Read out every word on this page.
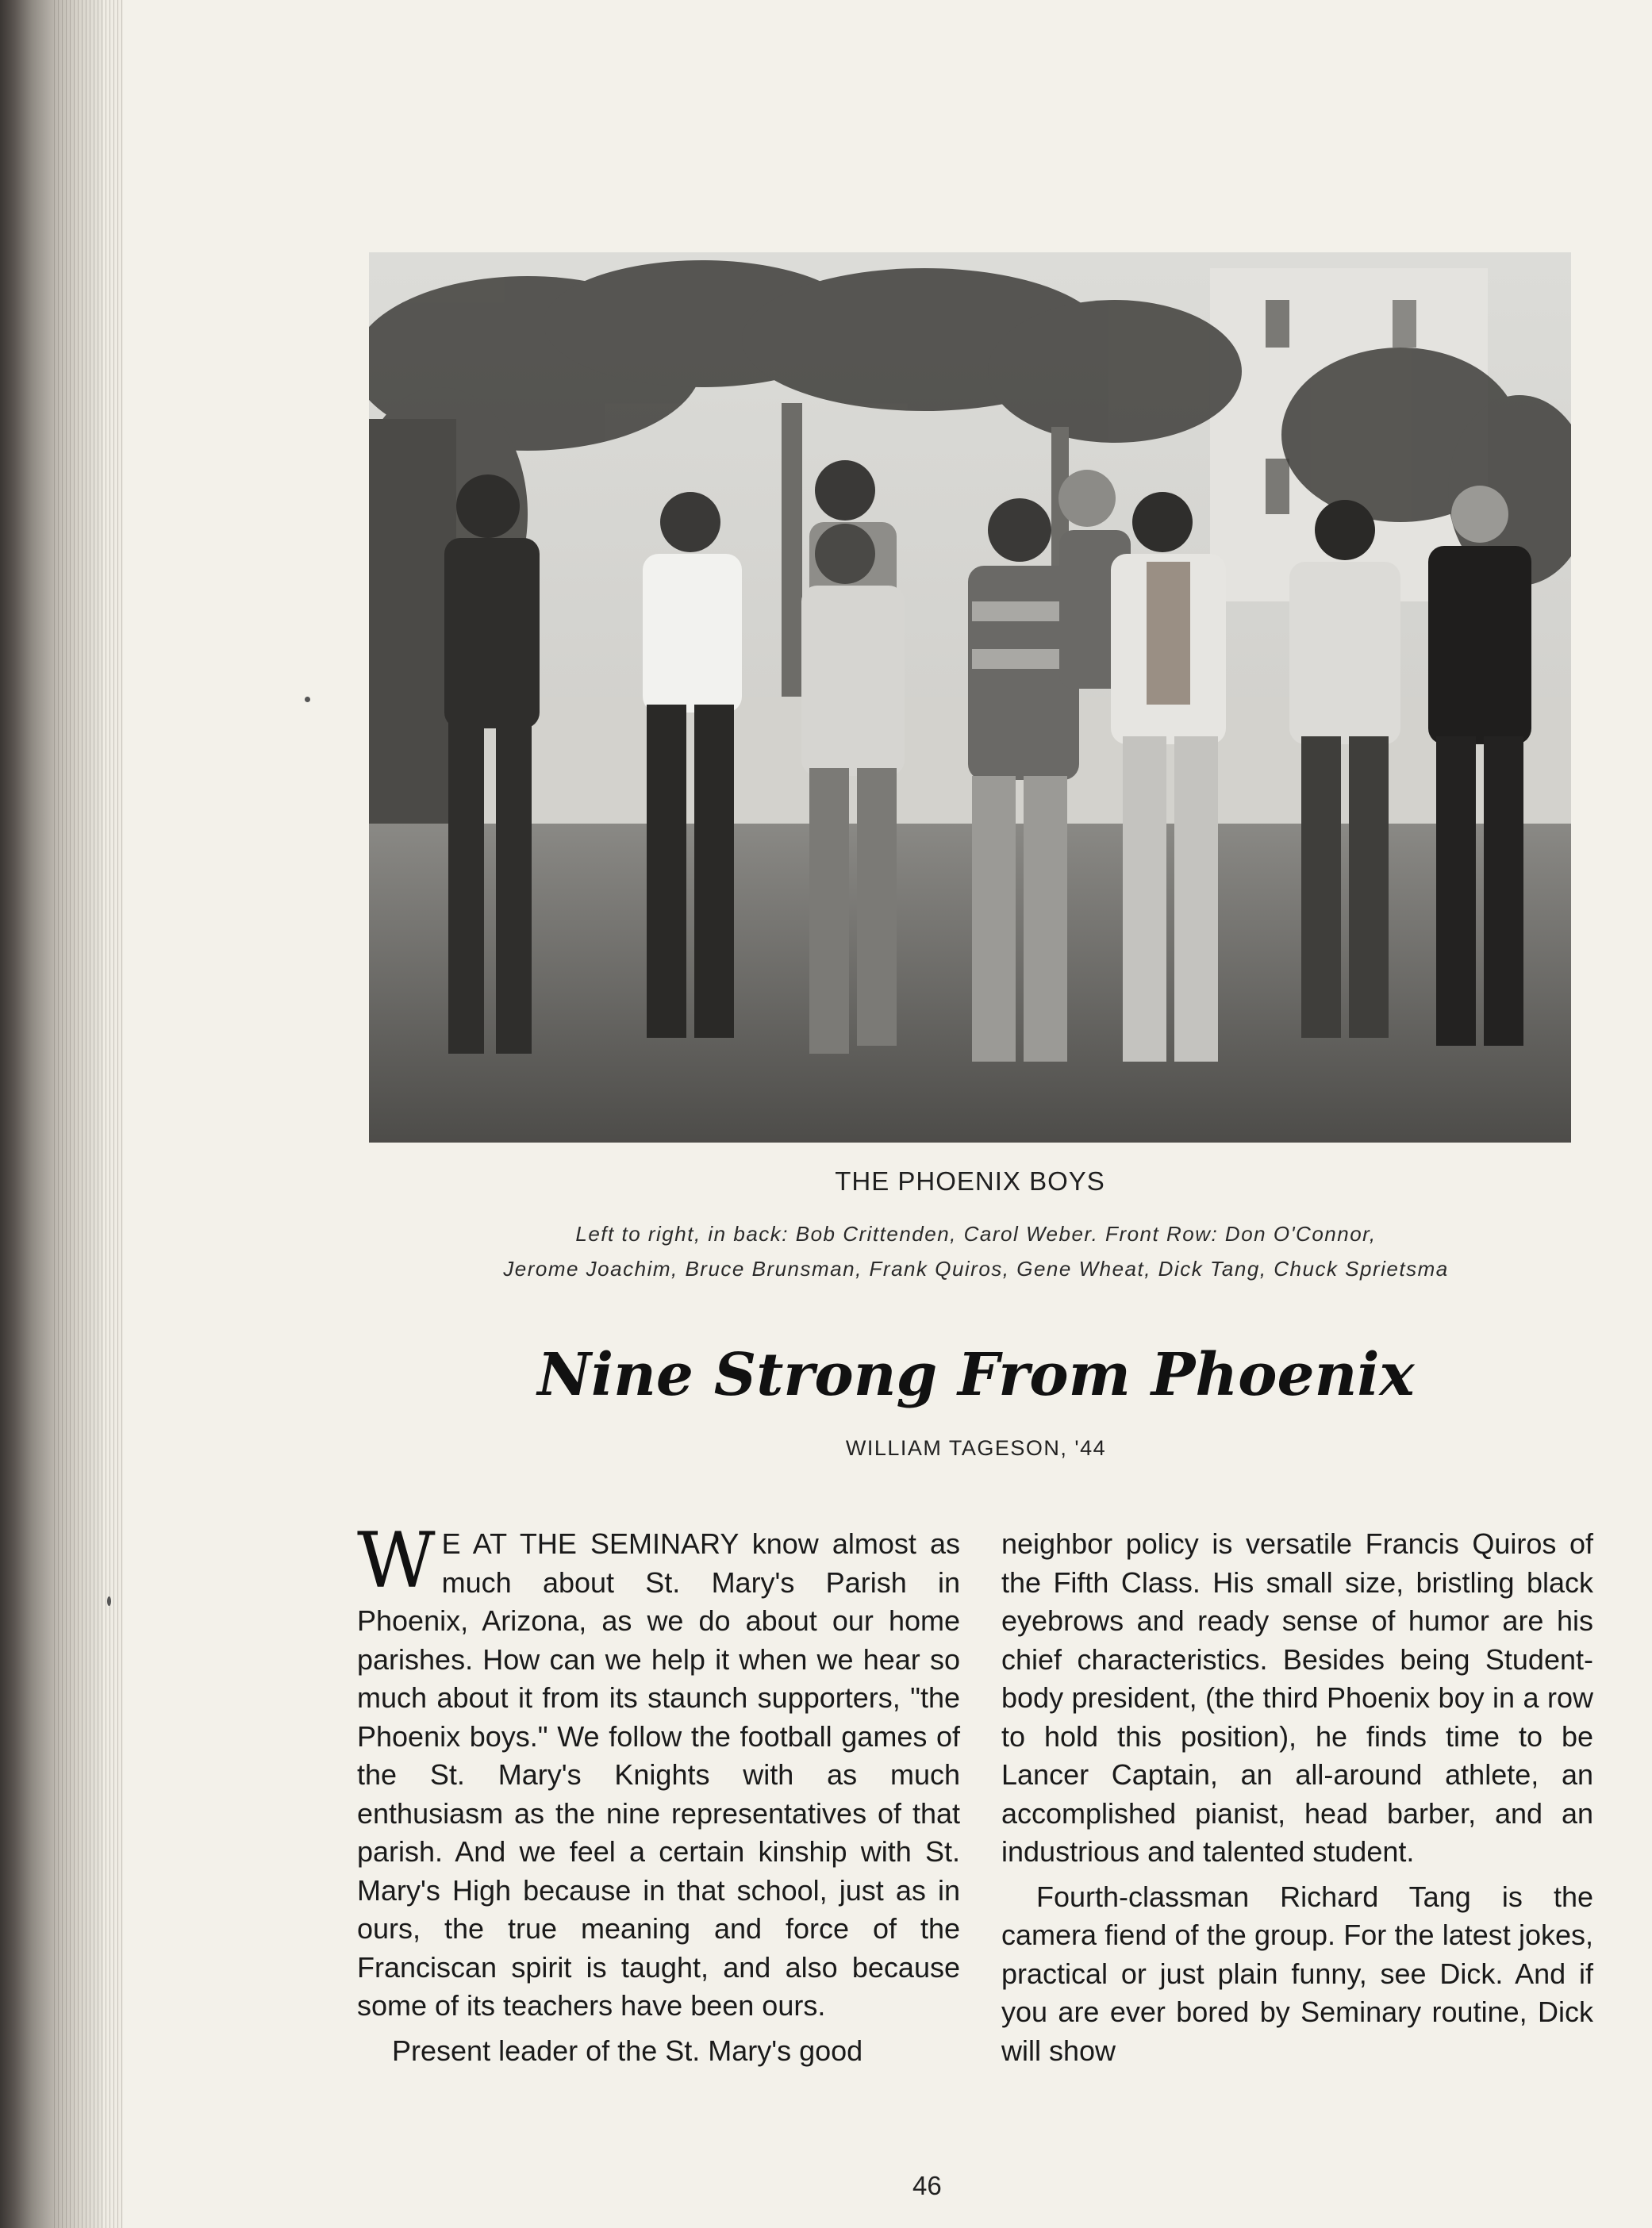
THE PHOENIX BOYS
Left to right, in back: Bob Crittenden, Carol Weber. Front Row: Don O'Connor,
Jerome Joachim, Bruce Brunsman, Frank Quiros, Gene Wheat, Dick Tang, Chuck Sprietsma
Nine Strong From Phoenix
WILLIAM TAGESON, '44

W E AT THE SEMINARY know almost as much about St. Mary's Parish in Phoenix, Arizona, as we do about our home parishes. How can we help it when we hear so much about it from its staunch supporters, "the Phoenix boys." We follow the football games of the St. Mary's Knights with as much enthusiasm as the nine representatives of that parish. And we feel a certain kinship with St. Mary's High because in that school, just as in ours, the true meaning and force of the Franciscan spirit is taught, and also because some of its teachers have been ours.

Present leader of the St. Mary's good

neighbor policy is versatile Francis Quiros of the Fifth Class. His small size, bristling black eyebrows and ready sense of humor are his chief characteristics. Besides being Student-body president, (the third Phoenix boy in a row to hold this position), he finds time to be Lancer Captain, an all-around athlete, an accomplished pianist, head barber, and an industrious and talented student.

Fourth-classman Richard Tang is the camera fiend of the group. For the latest jokes, practical or just plain funny, see Dick. And if you are ever bored by Seminary routine, Dick will show

46
